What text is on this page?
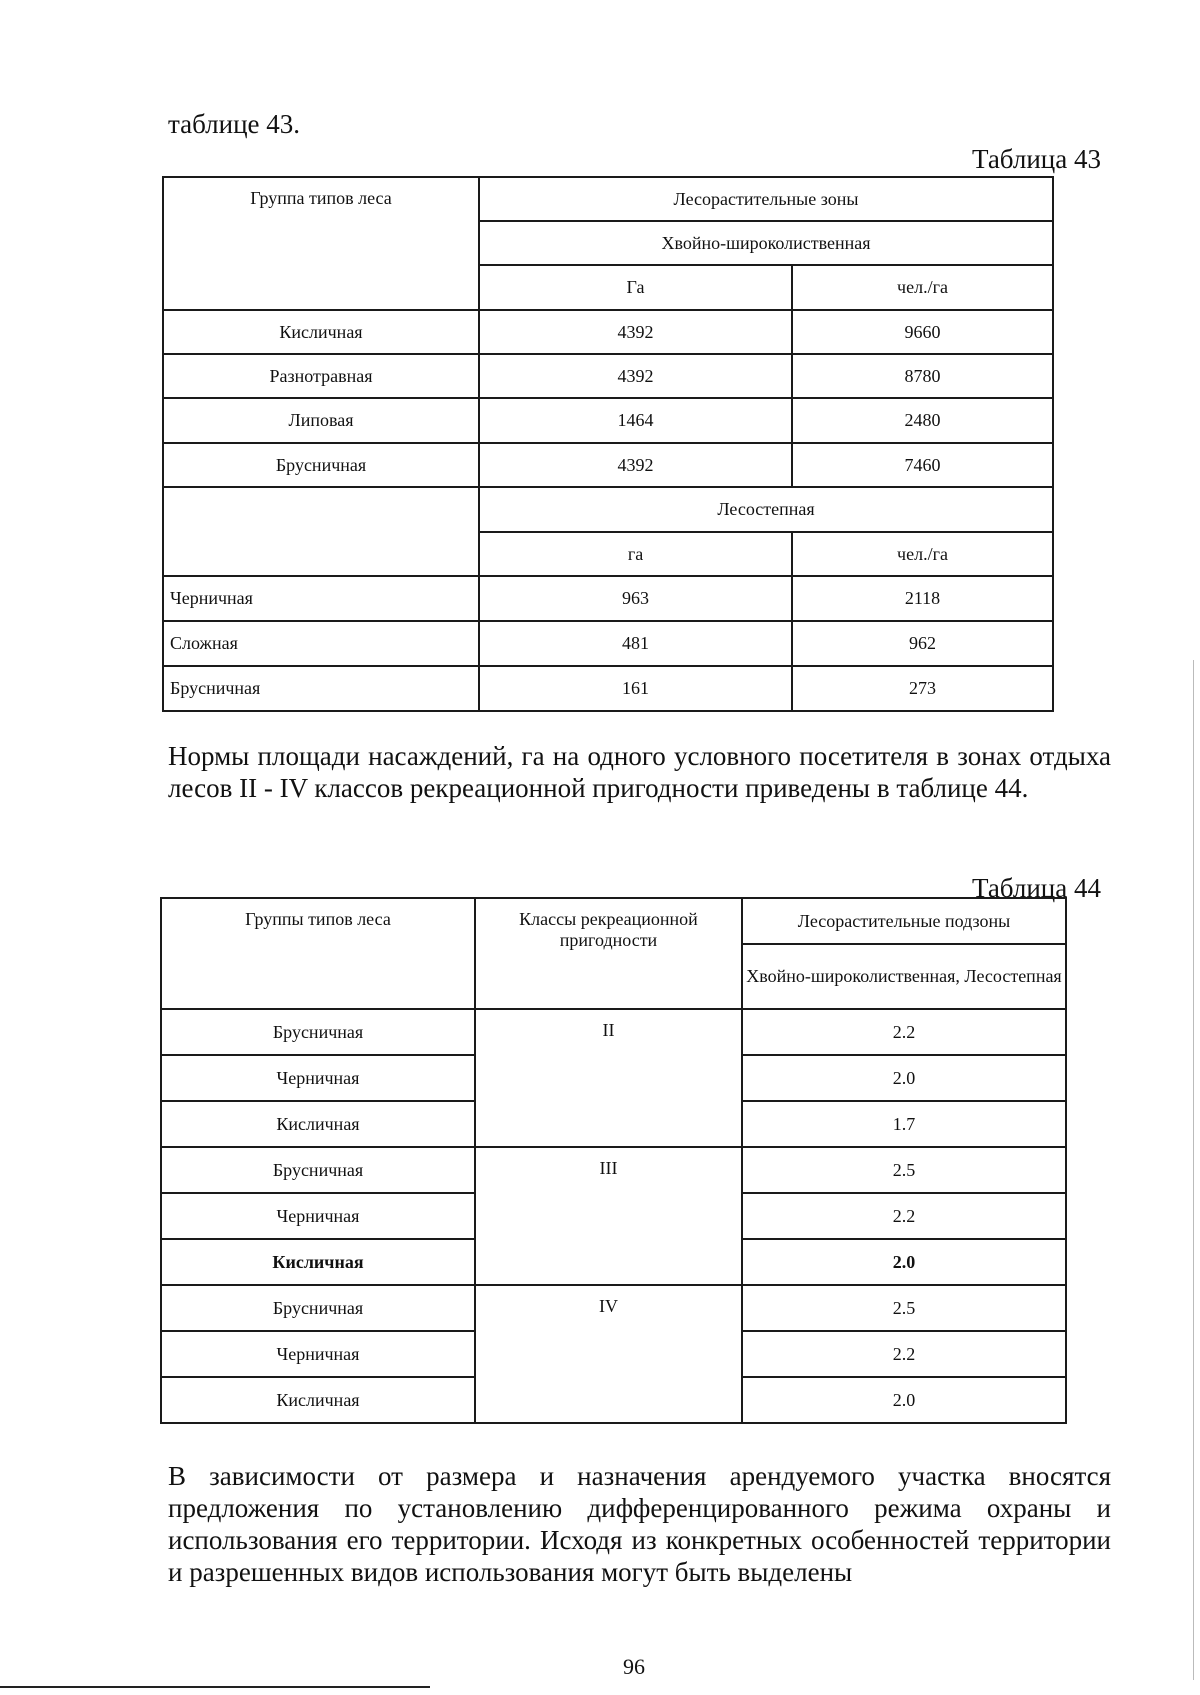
таблице 43.
Таблица 43
Группа типов леса	Лесорастительные зоны	
	Хвойно-широколиственная	
	Га	чел./га
Кисличная	4392	9660
Разнотравная	4392	8780
Липовая	1464	2480
Брусничная	4392	7460
	Лесостепная	
	га	чел./га
Черничная	963	2118
Сложная	481	962
Брусничная	161	273
Нормы площади насаждений, га на одного условного посетителя в зонах отдыха лесов II - IV классов рекреационной пригодности приведены в таблице 44.
Таблица 44
Группы типов леса	Классы рекреационной пригодности	Лесорастительные подзоны
		Хвойно-широколиственная, Лесостепная
Брусничная	II	2.2
Черничная		2.0
Кисличная		1.7
Брусничная	III	2.5
Черничная		2.2
Кисличная		2.0
Брусничная	IV	2.5
Черничная		2.2
Кисличная		2.0
В зависимости от размера и назначения арендуемого участка вносятся предложения по установлению дифференцированного режима охраны и использования его территории. Исходя из конкретных особенностей территории и разрешенных видов использования могут быть выделены
96
